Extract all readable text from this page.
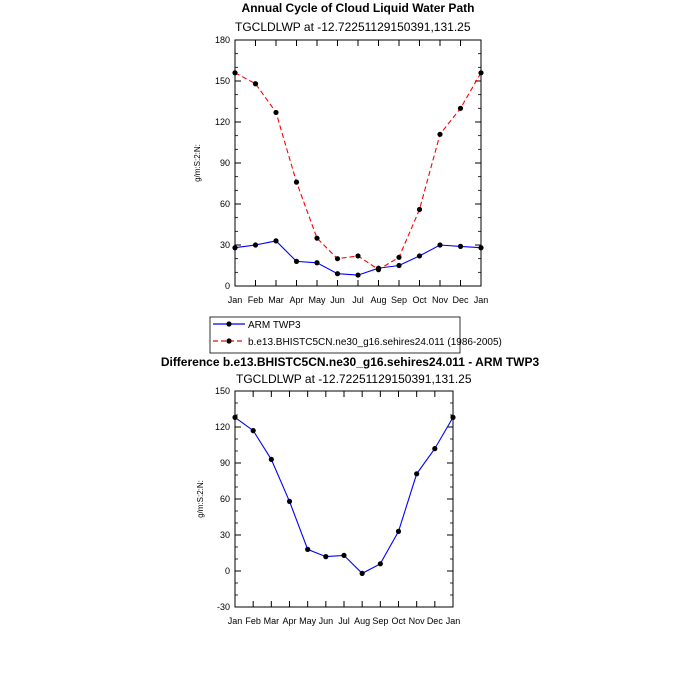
Annual Cycle of Cloud Liquid Water Path
TGCLDLWP at -12.72251129150391,131.25
g/m:S:2:N:
0
30
60
90
120
150
180
Jan Feb Mar Apr May Jun Jul Aug Sep Oct Nov Dec Jan
ARM TWP3
b.e13.BHISTC5CN.ne30_g16.sehires24.011 (1986-2005)
Difference b.e13.BHISTC5CN.ne30_g16.sehires24.011 - ARM TWP3
TGCLDLWP at -12.72251129150391,131.25
g/m:S:2:N:
-30
0
30
60
90
120
150
Jan Feb Mar Apr May Jun Jul Aug Sep Oct Nov Dec Jan
